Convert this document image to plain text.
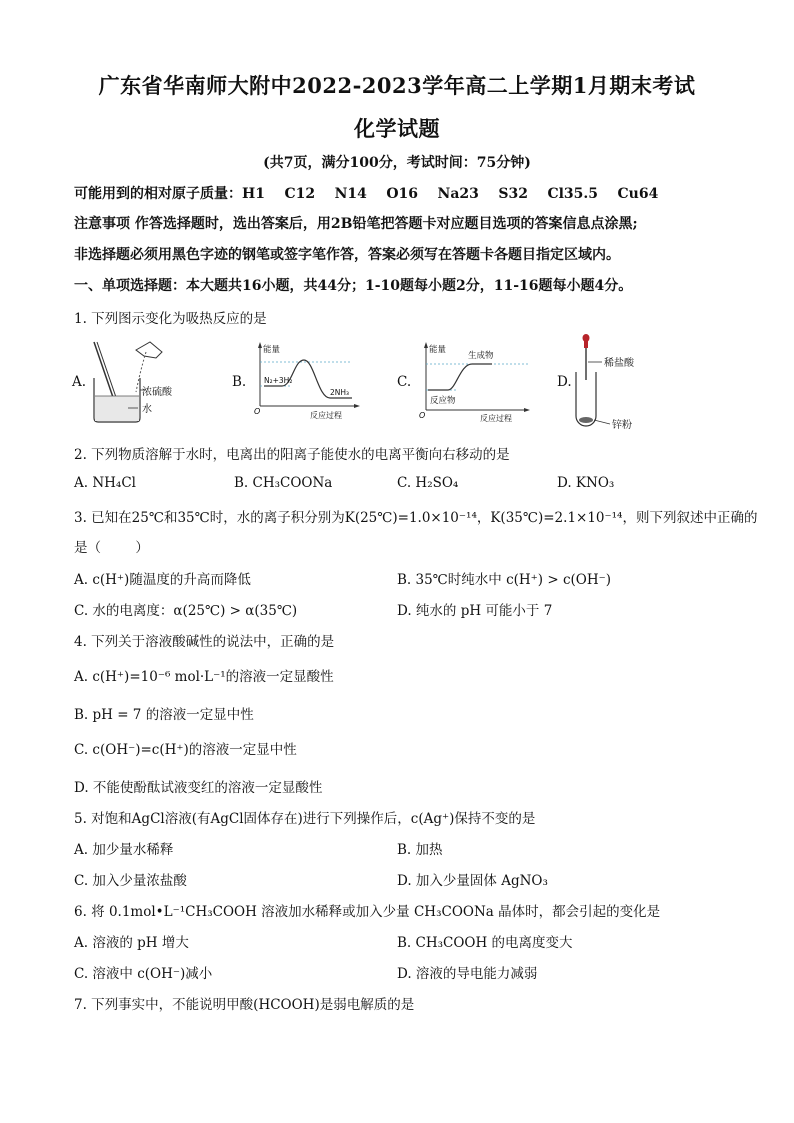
广东省华南师大附中2022-2023学年高二上学期1月期末考试
化学试题
(共7页，满分100分，考试时间：75分钟)
可能用到的相对原子质量：H1    C12    N14    O16    Na23    S32    Cl35.5    Cu64
注意事项 作答选择题时，选出答案后，用2B铅笔把答题卡对应题目选项的答案信息点涂黑;
非选择题必须用黑色字迹的钢笔或签字笔作答，答案必须写在答题卡各题目指定区域内。
一、单项选择题：本大题共16小题，共44分；1-10题每小题2分，11-16题每小题4分。
1. 下列图示变化为吸热反应的是
A.	B.	C.	D.
浓硫酸
水
能量
N₂+3H₂
2NH₃
O	反应过程
能量
生成物
反应物
O	反应过程
稀盐酸
锌粉
2. 下列物质溶解于水时，电离出的阳离子能使水的电离平衡向右移动的是
A. NH₄Cl	B. CH₃COONa	C. H₂SO₄	D. KNO₃
3. 已知在25℃和35℃时，水的离子积分别为K(25℃)=1.0×10⁻¹⁴，K(35℃)=2.1×10⁻¹⁴，则下列叙述中正确的
是（        ）
A. c(H⁺)随温度的升高而降低	B. 35℃时纯水中 c(H⁺) > c(OH⁻)
C. 水的电离度：α(25℃) > α(35℃)	D. 纯水的 pH 可能小于 7
4. 下列关于溶液酸碱性的说法中，正确的是
A. c(H⁺)=10⁻⁶ mol·L⁻¹的溶液一定显酸性
B. pH = 7 的溶液一定显中性
C. c(OH⁻)=c(H⁺)的溶液一定显中性
D. 不能使酚酞试液变红的溶液一定显酸性
5. 对饱和AgCl溶液(有AgCl固体存在)进行下列操作后，c(Ag⁺)保持不变的是
A. 加少量水稀释	B. 加热
C. 加入少量浓盐酸	D. 加入少量固体 AgNO₃
6. 将 0.1mol•L⁻¹CH₃COOH 溶液加水稀释或加入少量 CH₃COONa 晶体时，都会引起的变化是
A. 溶液的 pH 增大	B. CH₃COOH 的电离度变大
C. 溶液中 c(OH⁻)减小	D. 溶液的导电能力减弱
7. 下列事实中，不能说明甲酸(HCOOH)是弱电解质的是
